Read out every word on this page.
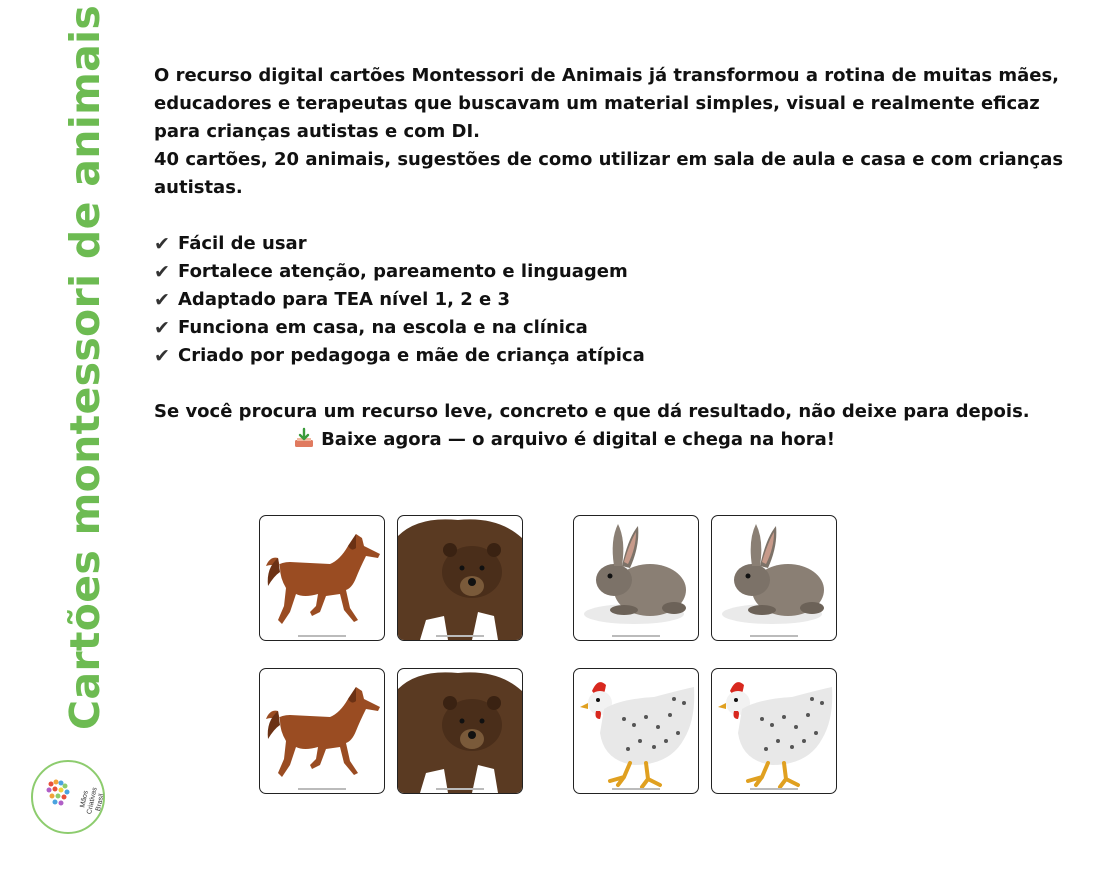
Cartões montessori de animais
Mãos Criativas Brasil

O recurso digital cartões Montessori de Animais já transformou a rotina de muitas mães, educadores e terapeutas que buscavam um material simples, visual e realmente eficaz para crianças autistas e com DI.

40 cartões, 20 animais, sugestões de como utilizar em sala de aula e casa e com crianças autistas.

✔ Fácil de usar
✔ Fortalece atenção, pareamento e linguagem
✔ Adaptado para TEA nível 1, 2 e 3
✔ Funciona em casa, na escola e na clínica
✔ Criado por pedagoga e mãe de criança atípica

Se você procura um recurso leve, concreto e que dá resultado, não deixe para depois.

Baixe agora — o arquivo é digital e chega na hora!
